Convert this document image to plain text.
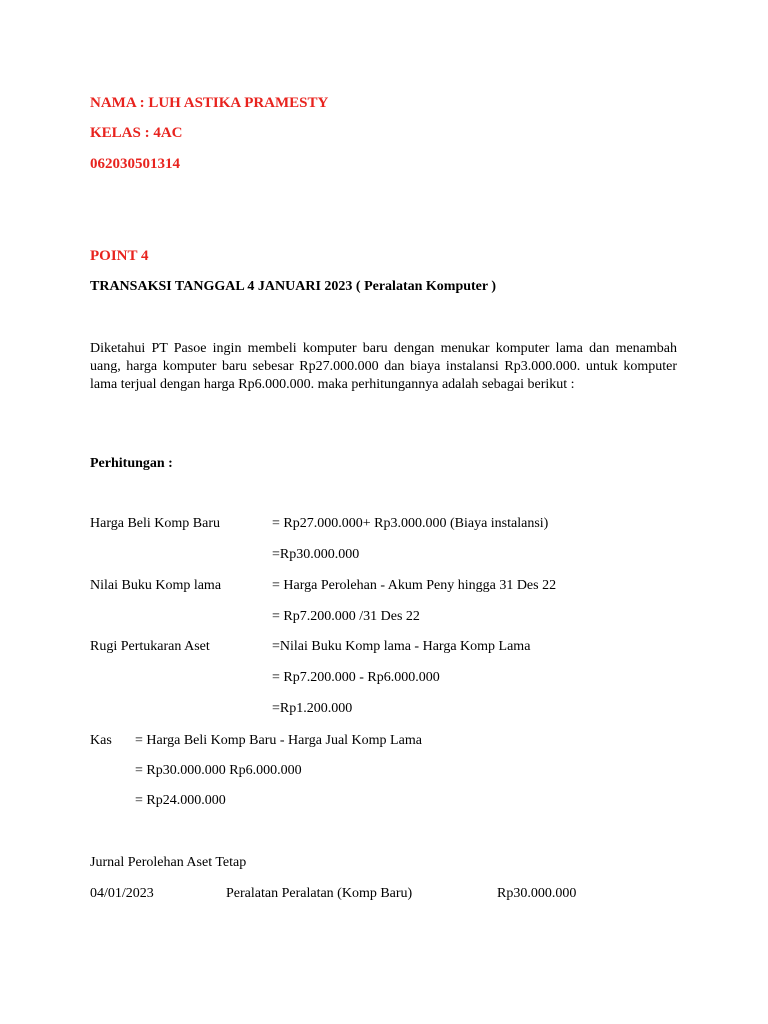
NAMA : LUH ASTIKA PRAMESTY
KELAS : 4AC
062030501314
POINT 4
TRANSAKSI TANGGAL 4 JANUARI 2023 ( Peralatan Komputer )
Diketahui PT Pasoe ingin membeli komputer baru dengan menukar komputer lama dan menambah uang, harga komputer baru sebesar Rp27.000.000 dan biaya instalansi Rp3.000.000. untuk komputer lama terjual dengan harga Rp6.000.000. maka perhitungannya adalah sebagai berikut :
Perhitungan :
Harga Beli Komp Baru	= Rp27.000.000+ Rp3.000.000 (Biaya instalansi)
=Rp30.000.000
Nilai Buku Komp lama	= Harga Perolehan - Akum Peny hingga 31 Des 22
= Rp7.200.000 /31 Des 22
Rugi Pertukaran Aset	=Nilai Buku Komp lama - Harga Komp Lama
= Rp7.200.000 - Rp6.000.000
=Rp1.200.000
Kas = Harga Beli Komp Baru - Harga Jual Komp Lama
= Rp30.000.000 Rp6.000.000
= Rp24.000.000
Jurnal Perolehan Aset Tetap
04/01/2023	Peralatan Peralatan (Komp Baru)	Rp30.000.000
